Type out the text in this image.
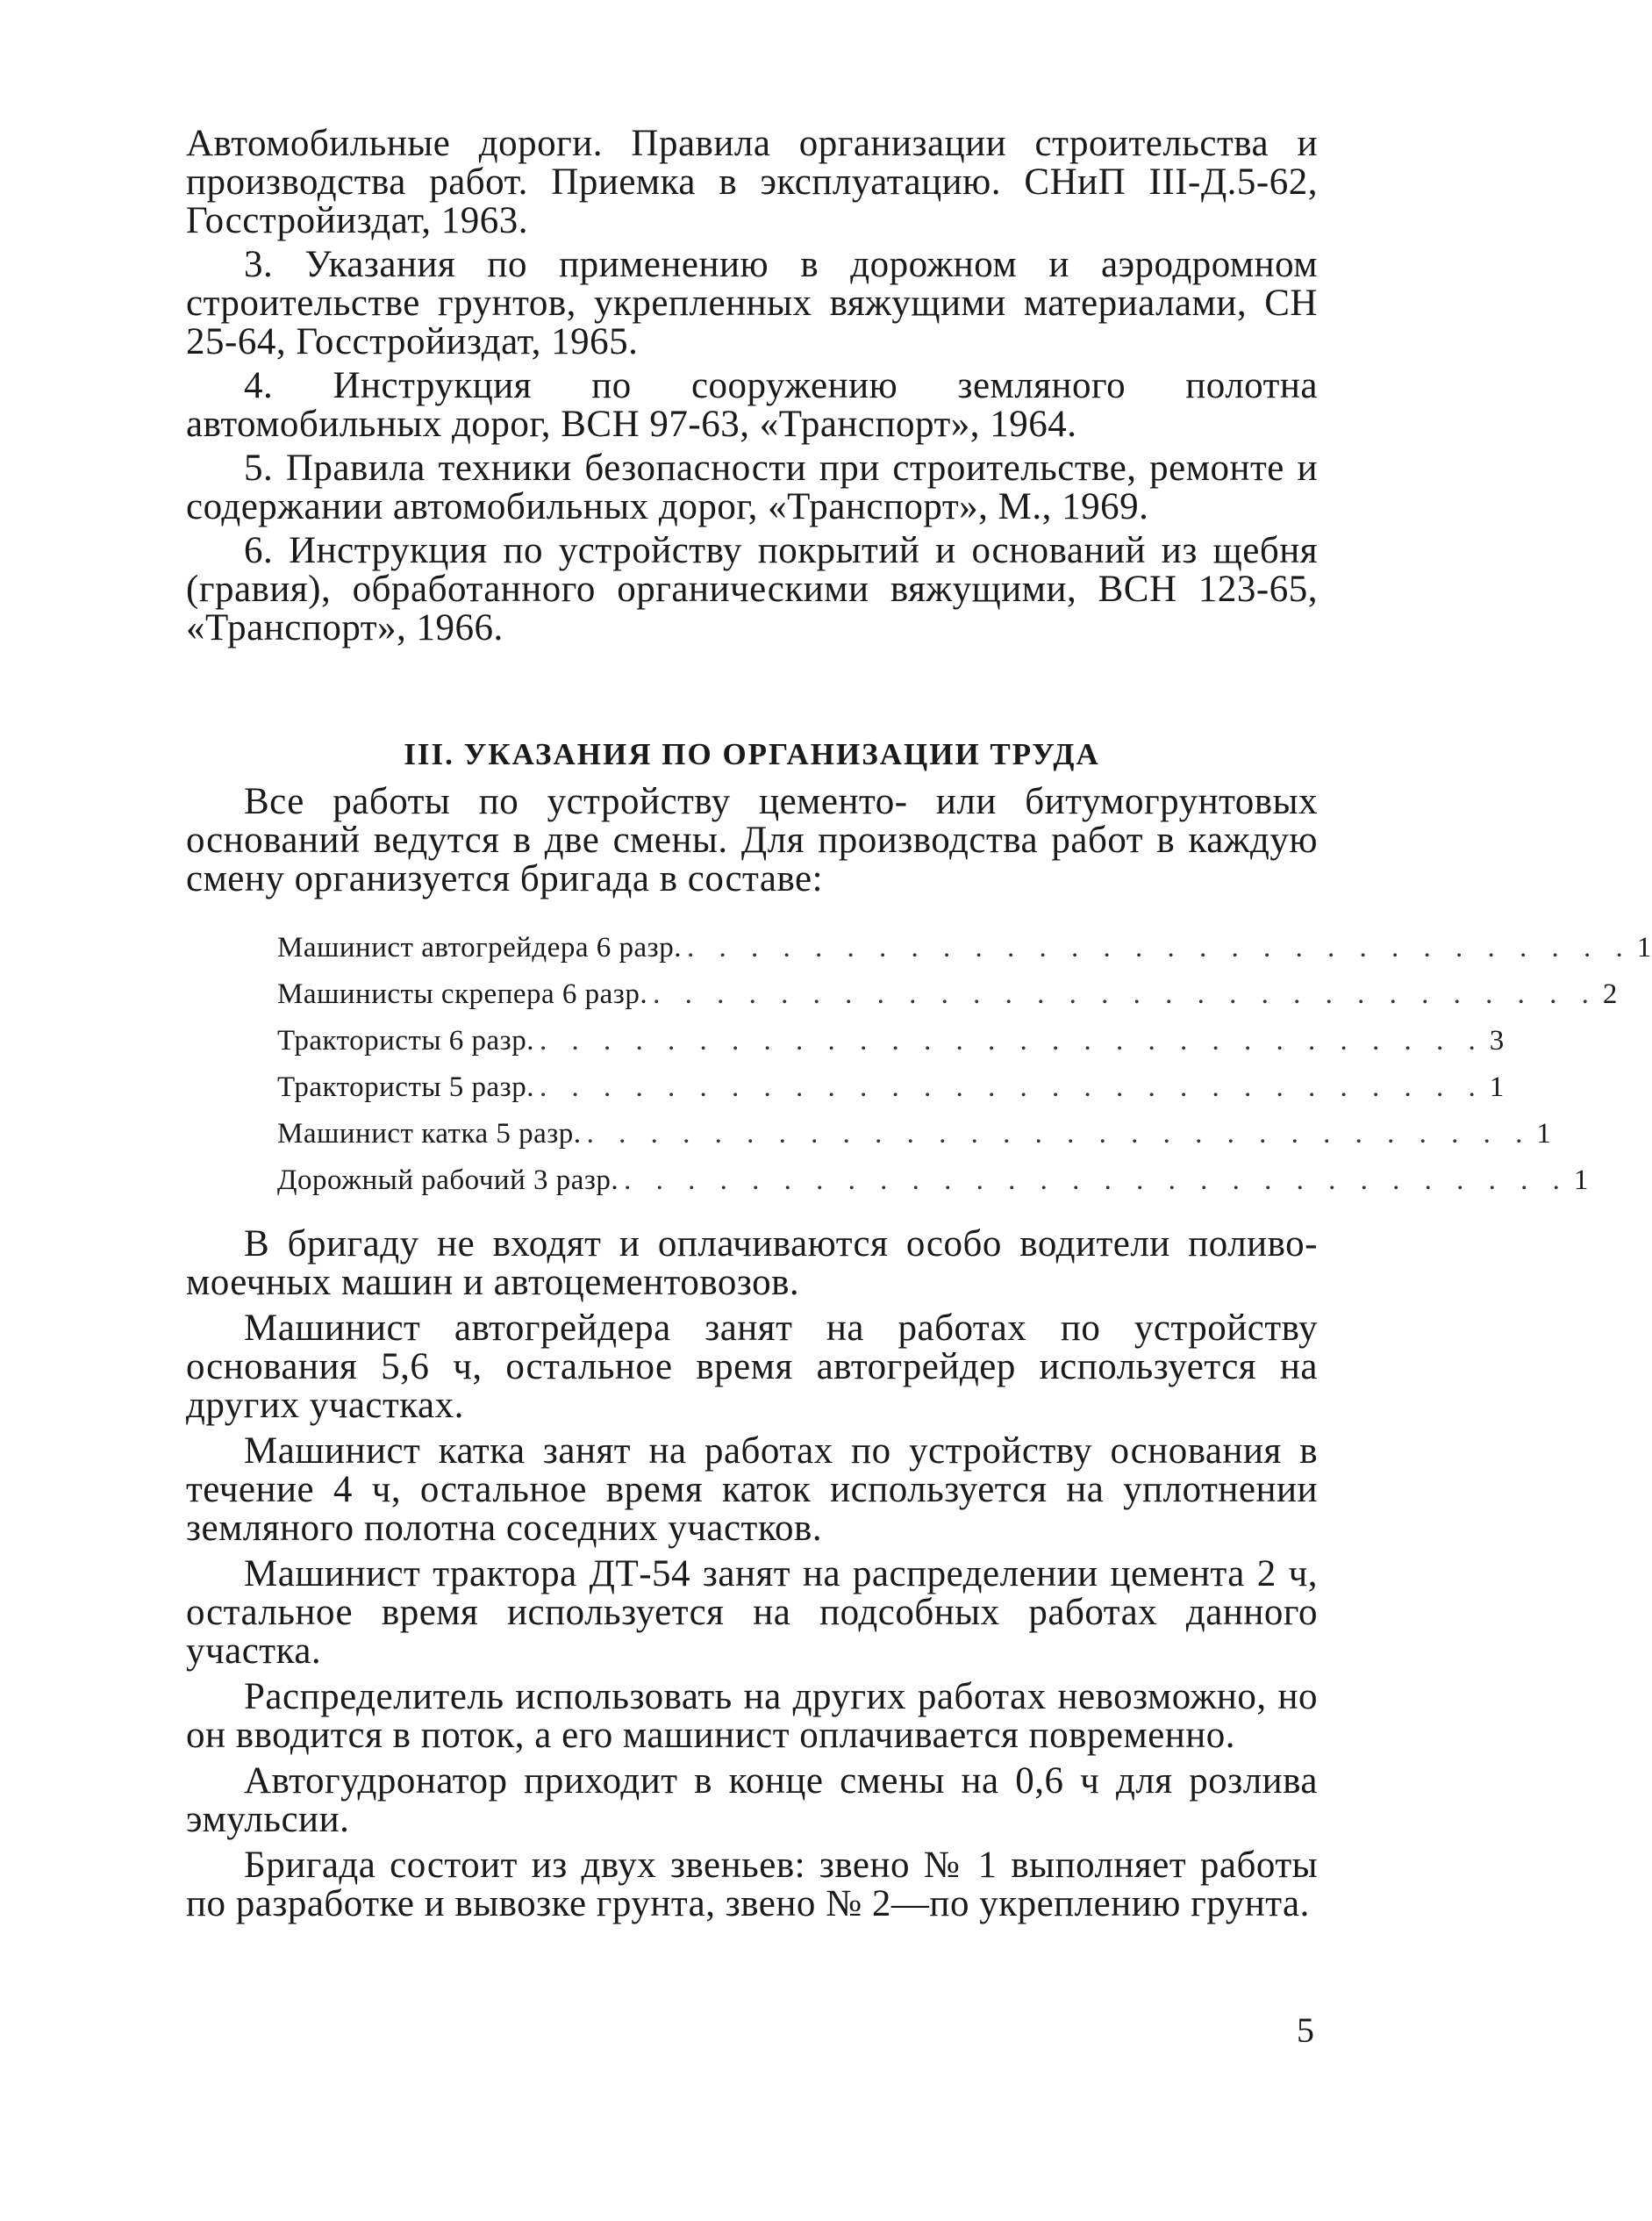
Автомобильные дороги. Правила организации строительства и производства работ. Приемка в эксплуатацию. СНиП III-Д.5-62, Госстройиздат, 1963.

3. Указания по применению в дорожном и аэродромном строительстве грунтов, укрепленных вяжущими материалами, СН 25-64, Госстройиздат, 1965.

4. Инструкция по сооружению земляного полотна автомобильных дорог, ВСН 97-63, «Транспорт», 1964.

5. Правила техники безопасности при строительстве, ремонте и содержании автомобильных дорог, «Транспорт», М., 1969.

6. Инструкция по устройству покрытий и оснований из щебня (гравия), обработанного органическими вяжущими, ВСН 123-65, «Транспорт», 1966.

III. УКАЗАНИЯ ПО ОРГАНИЗАЦИИ ТРУДА

Все работы по устройству цементо- или битумогрунтовых оснований ведутся в две смены. Для производства работ в каждую смену организуется бригада в составе:

Машинист автогрейдера 6 разр. . . . . . . . . . . . . . . . . . . . . . . . . . . . . . . 1
Машинисты скрепера 6 разр. . . . . . . . . . . . . . . . . . . . . . . . . . . . . . . 2
Трактористы 6 разр. . . . . . . . . . . . . . . . . . . . . . . . . . . . . . . 3
Трактористы 5 разр. . . . . . . . . . . . . . . . . . . . . . . . . . . . . . . 1
Машинист катка 5 разр. . . . . . . . . . . . . . . . . . . . . . . . . . . . . . . 1
Дорожный рабочий 3 разр. . . . . . . . . . . . . . . . . . . . . . . . . . . . . . . 1

В бригаду не входят и оплачиваются особо водители поливо-моечных машин и автоцементовозов.

Машинист автогрейдера занят на работах по устройству основания 5,6 ч, остальное время автогрейдер используется на других участках.

Машинист катка занят на работах по устройству основания в течение 4 ч, остальное время каток используется на уплотнении земляного полотна соседних участков.

Машинист трактора ДТ-54 занят на распределении цемента 2 ч, остальное время используется на подсобных работах данного участка.

Распределитель использовать на других работах невозможно, но он вводится в поток, а его машинист оплачивается повременно.

Автогудронатор приходит в конце смены на 0,6 ч для розлива эмульсии.

Бригада состоит из двух звеньев: звено № 1 выполняет работы по разработке и вывозке грунта, звено № 2—по укреплению грунта.

5
